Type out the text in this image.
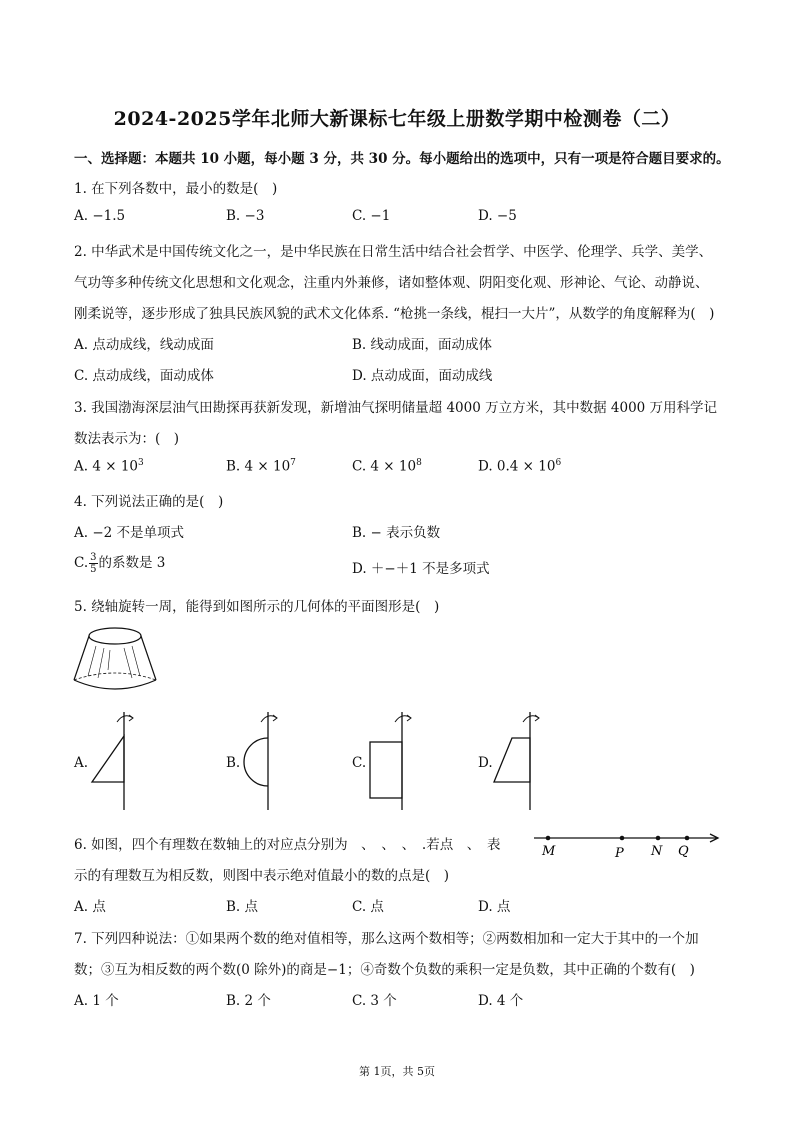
2024-2025学年北师大新课标七年级上册数学期中检测卷（二）
一、选择题：本题共 10 小题，每小题 3 分，共 30 分。每小题给出的选项中，只有一项是符合题目要求的。
1. 在下列各数中，最小的数是(　)
A. −1.5	B. −3	C. −1	D. −5
2. 中华武术是中国传统文化之一，是中华民族在日常生活中结合社会哲学、中医学、伦理学、兵学、美学、
气功等多种传统文化思想和文化观念，注重内外兼修，诸如整体观、阴阳变化观、形神论、气论、动静说、
刚柔说等，逐步形成了独具民族风貌的武术文化体系. “枪挑一条线，棍扫一大片”，从数学的角度解释为(　)
A. 点动成线，线动成面	B. 线动成面，面动成体
C. 点动成线，面动成体	D. 点动成面，面动成线
3. 我国渤海深层油气田勘探再获新发现，新增油气探明储量超 4000 万立方米，其中数据 4000 万用科学记
数法表示为：(　)
A. $4 \times 10^3$	B. $4 \times 10^7$	C. $4 \times 10^8$	D. $0.4 \times 10^6$
4. 下列说法正确的是(　)
A. −2 不是单项式	B. − 表示负数
C. $\frac{3}{5}$ 的系数是 3	D. ＋−＋1 不是多项式
5. 绕轴旋转一周，能得到如图所示的几何体的平面图形是(　)
A.	B.	C.	D.
6. 如图，四个有理数在数轴上的对应点分别为　、　、　、　.若点　、　表
示的有理数互为相反数，则图中表示绝对值最小的数的点是(　)
M	P N Q
A. 点	B. 点	C. 点	D. 点
7. 下列四种说法：①如果两个数的绝对值相等，那么这两个数相等；②两数相加和一定大于其中的一个加
数；③互为相反数的两个数(0 除外)的商是−1；④奇数个负数的乘积一定是负数，其中正确的个数有(　)
A. 1 个	B. 2 个	C. 3 个	D. 4 个
第 1页，共 5页
